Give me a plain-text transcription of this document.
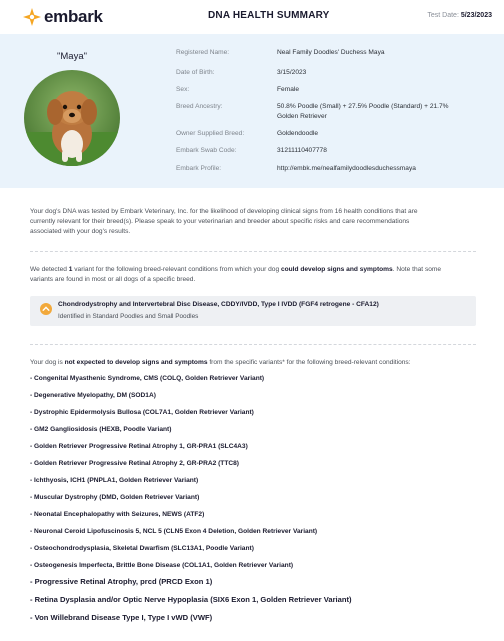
embark	DNA HEALTH SUMMARY	Test Date: 5/23/2023
"Maya"	Registered Name:	Neal Family Doodles' Duchess Maya
Date of Birth:	3/15/2023
Sex:	Female
Breed Ancestry:	50.8% Poodle (Small) + 27.5% Poodle (Standard) + 21.7%
Golden Retriever
Owner Supplied Breed:	Goldendoodle
Embark Swab Code:	31211110407778
Embark Profile:	http://embk.me/nealfamilydoodlesduchessmaya
Your dog's DNA was tested by Embark Veterinary, Inc. for the likelihood of developing clinical signs from 16 health conditions that are
currently relevant for their breed(s). Please speak to your veterinarian and breeder about specific risks and care recommendations
associated with your dog's results.
We detected 1 variant for the following breed-relevant conditions from which your dog could develop signs and symptoms. Note that some
variants are found in most or all dogs of a specific breed.
Chondrodystrophy and Intervertebral Disc Disease, CDDY/IVDD, Type I IVDD (FGF4 retrogene - CFA12)
Identified in Standard Poodles and Small Poodles
Your dog is not expected to develop signs and symptoms from the specific variants* for the following breed-relevant conditions:
- Congenital Myasthenic Syndrome, CMS (COLQ, Golden Retriever Variant)
- Degenerative Myelopathy, DM (SOD1A)
- Dystrophic Epidermolysis Bullosa (COL7A1, Golden Retriever Variant)
- GM2 Gangliosidosis (HEXB, Poodle Variant)
- Golden Retriever Progressive Retinal Atrophy 1, GR-PRA1 (SLC4A3)
- Golden Retriever Progressive Retinal Atrophy 2, GR-PRA2 (TTC8)
- Ichthyosis, ICH1 (PNPLA1, Golden Retriever Variant)
- Muscular Dystrophy (DMD, Golden Retriever Variant)
- Neonatal Encephalopathy with Seizures, NEWS (ATF2)
- Neuronal Ceroid Lipofuscinosis 5, NCL 5 (CLN5 Exon 4 Deletion, Golden Retriever Variant)
- Osteochondrodysplasia, Skeletal Dwarfism (SLC13A1, Poodle Variant)
- Osteogenesis Imperfecta, Brittle Bone Disease (COL1A1, Golden Retriever Variant)
- Progressive Retinal Atrophy, prcd (PRCD Exon 1)
- Retina Dysplasia and/or Optic Nerve Hypoplasia (SIX6 Exon 1, Golden Retriever Variant)
- Von Willebrand Disease Type I, Type I vWD (VWF)
